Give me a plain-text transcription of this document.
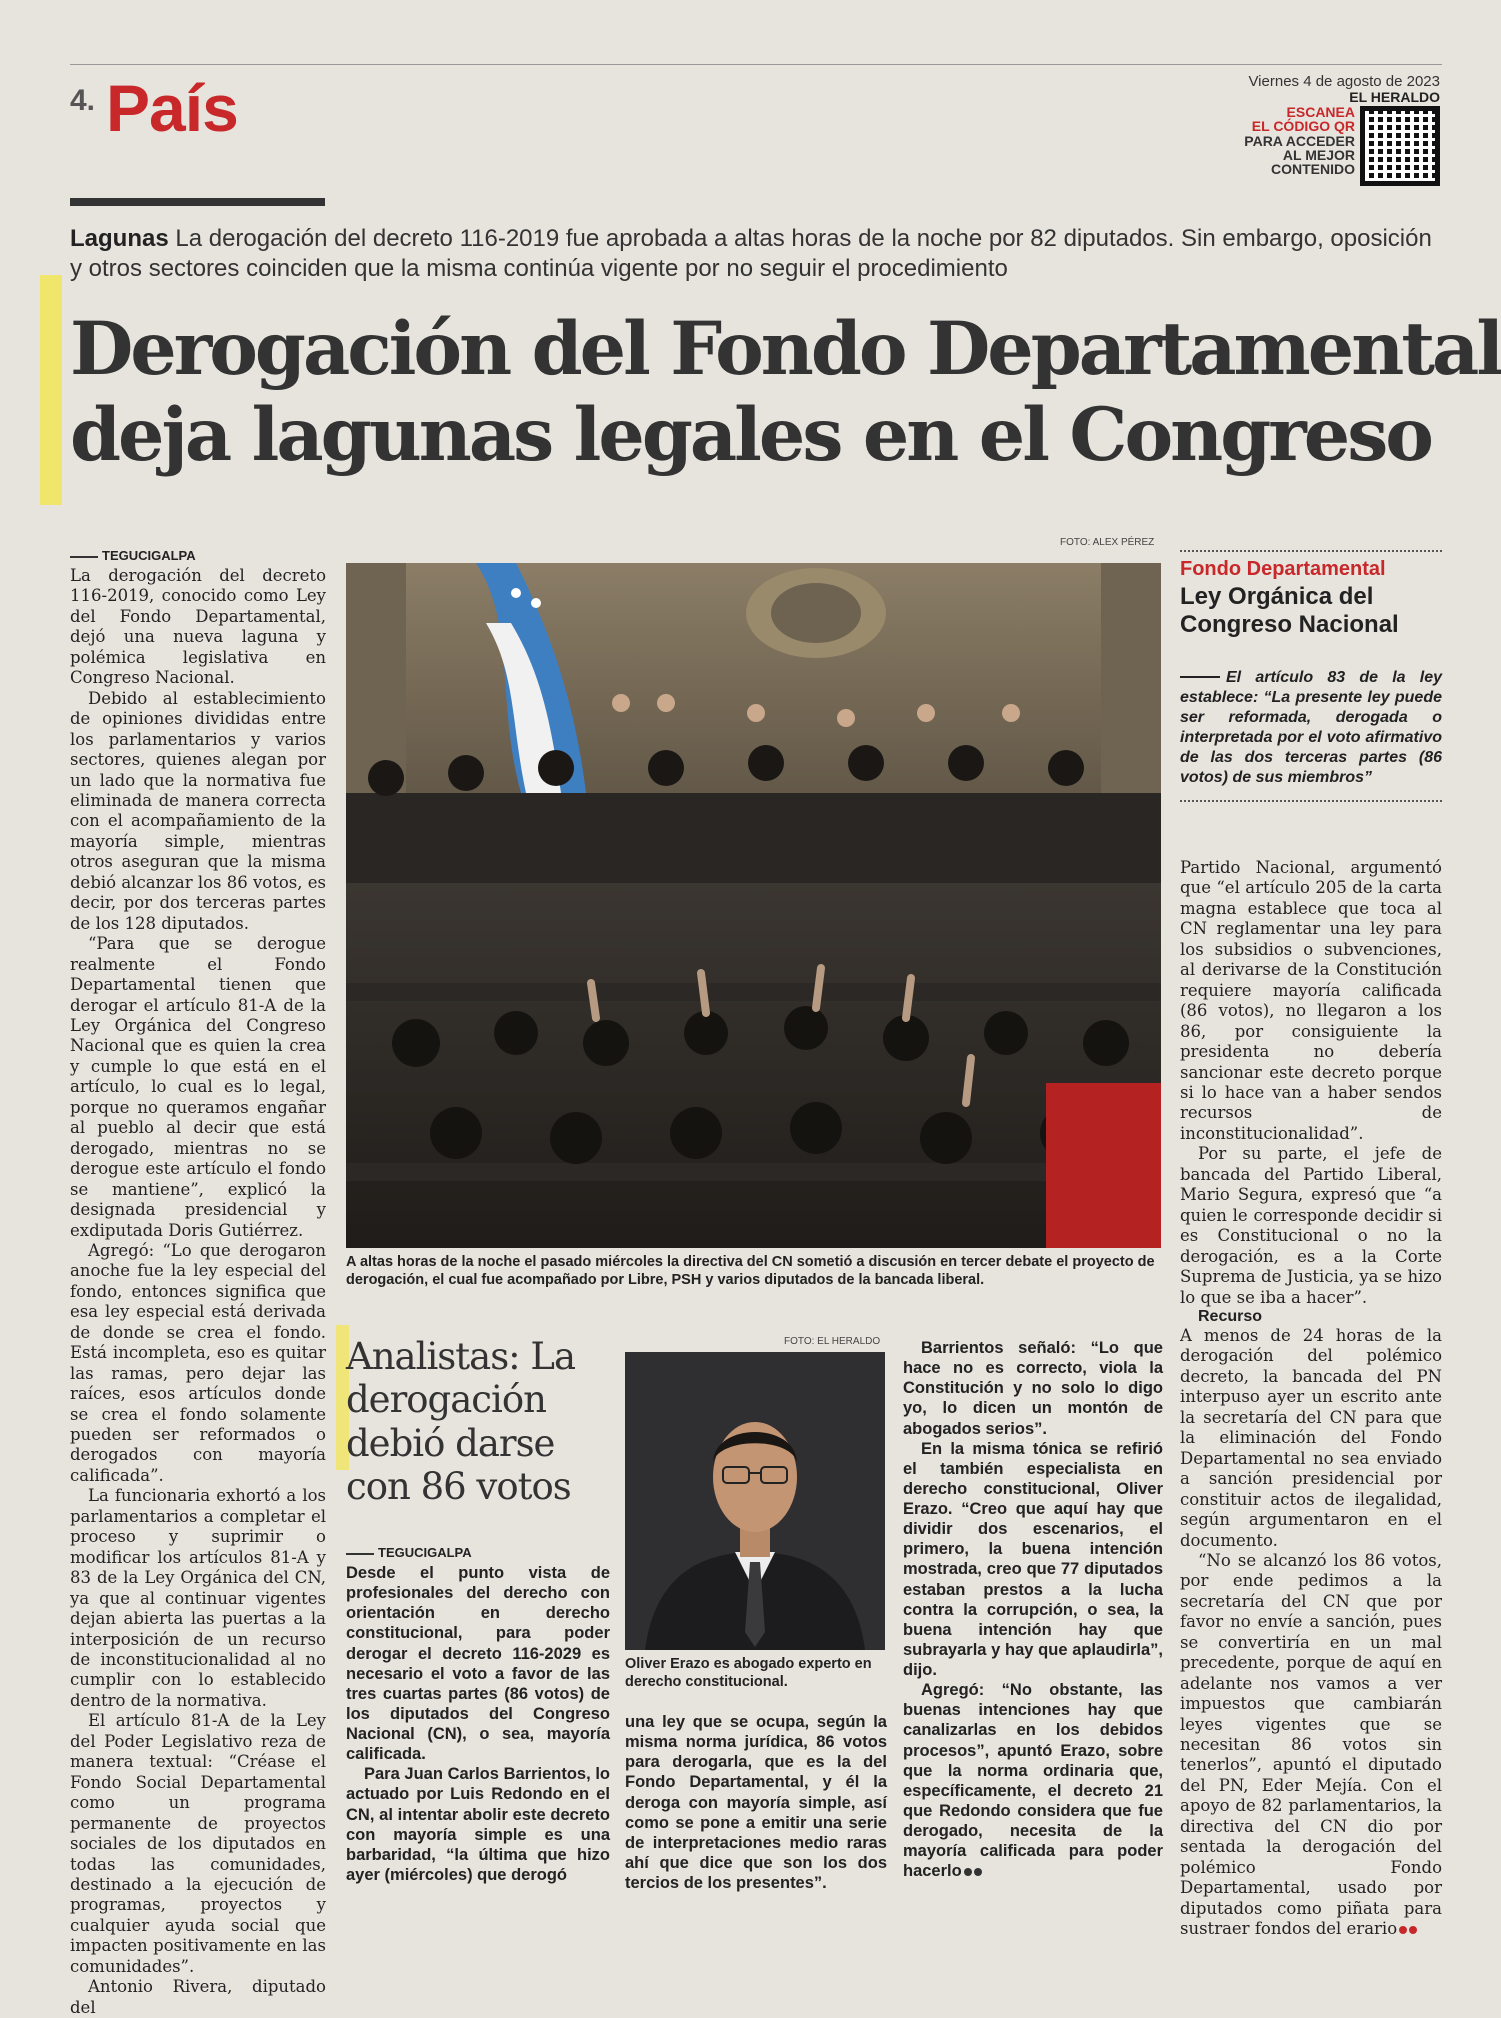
4. País	Viernes 4 de agosto de 2023
EL HERALDO
ESCANEA
EL CÓDIGO QR
PARA ACCEDER
AL MEJOR
CONTENIDO
Lagunas La derogación del decreto 116-2019 fue aprobada a altas horas de la noche por 82 diputados. Sin embargo, oposición y otros sectores coinciden que la misma continúa vigente por no seguir el procedimiento
Derogación del Fondo Departamental
deja lagunas legales en el Congreso
TEGUCIGALPA

La derogación del decreto 116-2019, conocido como Ley del Fondo Departamental, dejó una nueva laguna y polémica legislativa en Congreso Nacional.

Debido al establecimiento de opiniones divididas entre los parlamentarios y varios sectores, quienes alegan por un lado que la normativa fue eliminada de manera correcta con el acompañamiento de la mayoría simple, mientras otros aseguran que la misma debió alcanzar los 86 votos, es decir, por dos terceras partes de los 128 diputados.

“Para que se derogue realmente el Fondo Departamental tienen que derogar el artículo 81-A de la Ley Orgánica del Congreso Nacional que es quien la crea y cumple lo que está en el artículo, lo cual es lo legal, porque no queramos engañar al pueblo al decir que está derogado, mientras no se derogue este artículo el fondo se mantiene”, explicó la designada presidencial y exdiputada Doris Gutiérrez.

Agregó: “Lo que derogaron anoche fue la ley especial del fondo, entonces significa que esa ley especial está derivada de donde se crea el fondo. Está incompleta, eso es quitar las ramas, pero dejar las raíces, esos artículos donde se crea el fondo solamente pueden ser reformados o derogados con mayoría calificada”.

La funcionaria exhortó a los parlamentarios a completar el proceso y suprimir o modificar los artículos 81-A y 83 de la Ley Orgánica del CN, ya que al continuar vigentes dejan abierta las puertas a la interposición de un recurso de inconstitucionalidad al no cumplir con lo establecido dentro de la normativa.

El artículo 81-A de la Ley del Poder Legislativo reza de manera textual: “Créase el Fondo Social Departamental como un programa permanente de proyectos sociales de los diputados en todas las comunidades, destinado a la ejecución de programas, proyectos y cualquier ayuda social que impacten positivamente en las comunidades”.

Antonio Rivera, diputado del

FOTO: ALEX PÉREZ
A altas horas de la noche el pasado miércoles la directiva del CN sometió a discusión en tercer debate el proyecto de derogación, el cual fue acompañado por Libre, PSH y varios diputados de la bancada liberal.
Fondo Departamental
Ley Orgánica del Congreso Nacional
El artículo 83 de la ley establece: “La presente ley puede ser reformada, derogada o interpretada por el voto afirmativo de las dos terceras partes (86 votos) de sus miembros”

Partido Nacional, argumentó que “el artículo 205 de la carta magna establece que toca al CN reglamentar una ley para los subsidios o subvenciones, al derivarse de la Constitución requiere mayoría calificada (86 votos), no llegaron a los 86, por consiguiente la presidenta no debería sancionar este decreto porque si lo hace van a haber sendos recursos de inconstitucionalidad”.

Por su parte, el jefe de bancada del Partido Liberal, Mario Segura, expresó que “a quien le corresponde decidir si es Constitucional o no la derogación, es a la Corte Suprema de Justicia, ya se hizo lo que se iba a hacer”.

Recurso

A menos de 24 horas de la derogación del polémico decreto, la bancada del PN interpuso ayer un escrito ante la secretaría del CN para que la eliminación del Fondo Departamental no sea enviado a sanción presidencial por constituir actos de ilegalidad, según argumentaron en el documento.

“No se alcanzó los 86 votos, por ende pedimos a la secretaría del CN que por favor no envíe a sanción, pues se convertiría en un mal precedente, porque de aquí en adelante nos vamos a ver impuestos que cambiarán leyes vigentes que se necesitan 86 votos sin tenerlos”, apuntó el diputado del PN, Eder Mejía. Con el apoyo de 82 parlamentarios, la directiva del CN dio por sentada la derogación del polémico Fondo Departamental, usado por diputados como piñata para sustraer fondos del erario

Analistas: La derogación debió darse con 86 votos
TEGUCIGALPA

Desde el punto vista de profesionales del derecho con orientación en derecho constitucional, para poder derogar el decreto 116-2029 es necesario el voto a favor de las tres cuartas partes (86 votos) de los diputados del Congreso Nacional (CN), o sea, mayoría calificada.

Para Juan Carlos Barrientos, lo actuado por Luis Redondo en el CN, al intentar abolir este decreto con mayoría simple es una barbaridad, “la última que hizo ayer (miércoles) que derogó

FOTO: EL HERALDO
Oliver Erazo es abogado experto en derecho constitucional.

una ley que se ocupa, según la misma norma jurídica, 86 votos para derogarla, que es la del Fondo Departamental, y él la deroga con mayoría simple, así como se pone a emitir una serie de interpretaciones medio raras ahí que dice que son los dos tercios de los presentes”.

Barrientos señaló: “Lo que hace no es correcto, viola la Constitución y no solo lo digo yo, lo dicen un montón de abogados serios”.

En la misma tónica se refirió el también especialista en derecho constitucional, Oliver Erazo. “Creo que aquí hay que dividir dos escenarios, el primero, la buena intención mostrada, creo que 77 diputados estaban prestos a la lucha contra la corrupción, o sea, la buena intención hay que subrayarla y hay que aplaudirla”, dijo.

Agregó: “No obstante, las buenas intenciones hay que canalizarlas en los debidos procesos”, apuntó Erazo, sobre que la norma ordinaria que, específicamente, el decreto 21 que Redondo considera que fue derogado, necesita de la mayoría calificada para poder hacerlo
